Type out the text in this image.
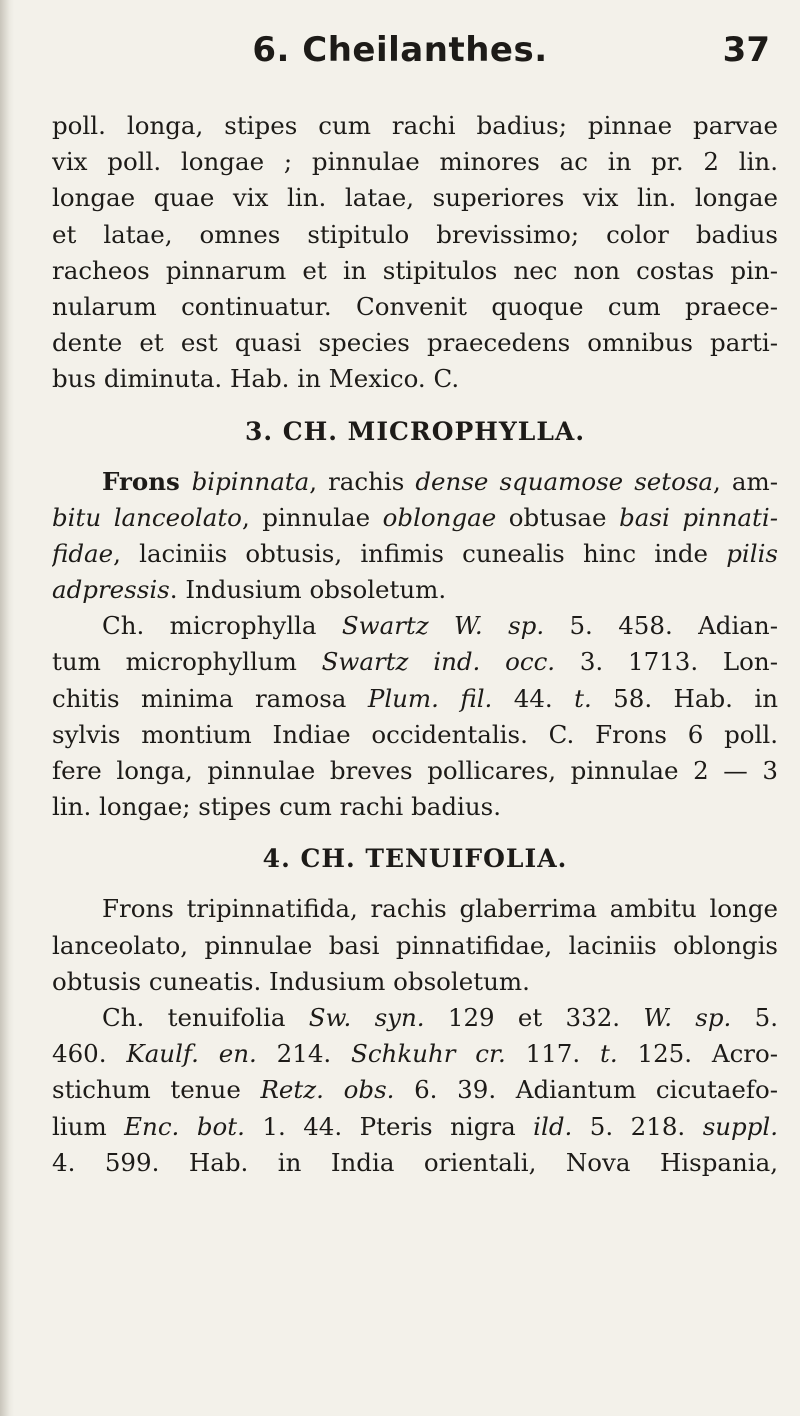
6. Cheilanthes.	37
poll. longa, stipes cum rachi badius; pinnae parvae
vix poll. longae ; pinnulae minores ac in pr. 2 lin.
longae quae vix lin. latae, superiores vix lin. longae
et latae, omnes stipitulo brevissimo; color badius
racheos pinnarum et in stipitulos nec non costas pin-
nularum continuatur. Convenit quoque cum praece-
dente et est quasi species praecedens omnibus parti-
bus diminuta. Hab. in Mexico. C.
3. CH. MICROPHYLLA.
Frons bipinnata, rachis dense squamose setosa, am-
bitu lanceolato, pinnulae oblongae obtusae basi pinnati-
fidae, laciniis obtusis, infimis cunealis hinc inde pilis
adpressis. Indusium obsoletum.
Ch. microphylla Swartz W. sp. 5. 458. Adian-
tum microphyllum Swartz ind. occ. 3. 1713. Lon-
chitis minima ramosa Plum. fil. 44. t. 58. Hab. in
sylvis montium Indiae occidentalis. C. Frons 6 poll.
fere longa, pinnulae breves pollicares, pinnulae 2 — 3
lin. longae; stipes cum rachi badius.
4. CH. TENUIFOLIA.
Frons tripinnatifida, rachis glaberrima ambitu longe
lanceolato, pinnulae basi pinnatifidae, laciniis oblongis
obtusis cuneatis. Indusium obsoletum.
Ch. tenuifolia Sw. syn. 129 et 332. W. sp. 5.
460. Kaulf. en. 214. Schkuhr cr. 117. t. 125. Acro-
stichum tenue Retz. obs. 6. 39. Adiantum cicutaefo-
lium Enc. bot. 1. 44. Pteris nigra ild. 5. 218. suppl.
4. 599. Hab. in India orientali, Nova Hispania,
